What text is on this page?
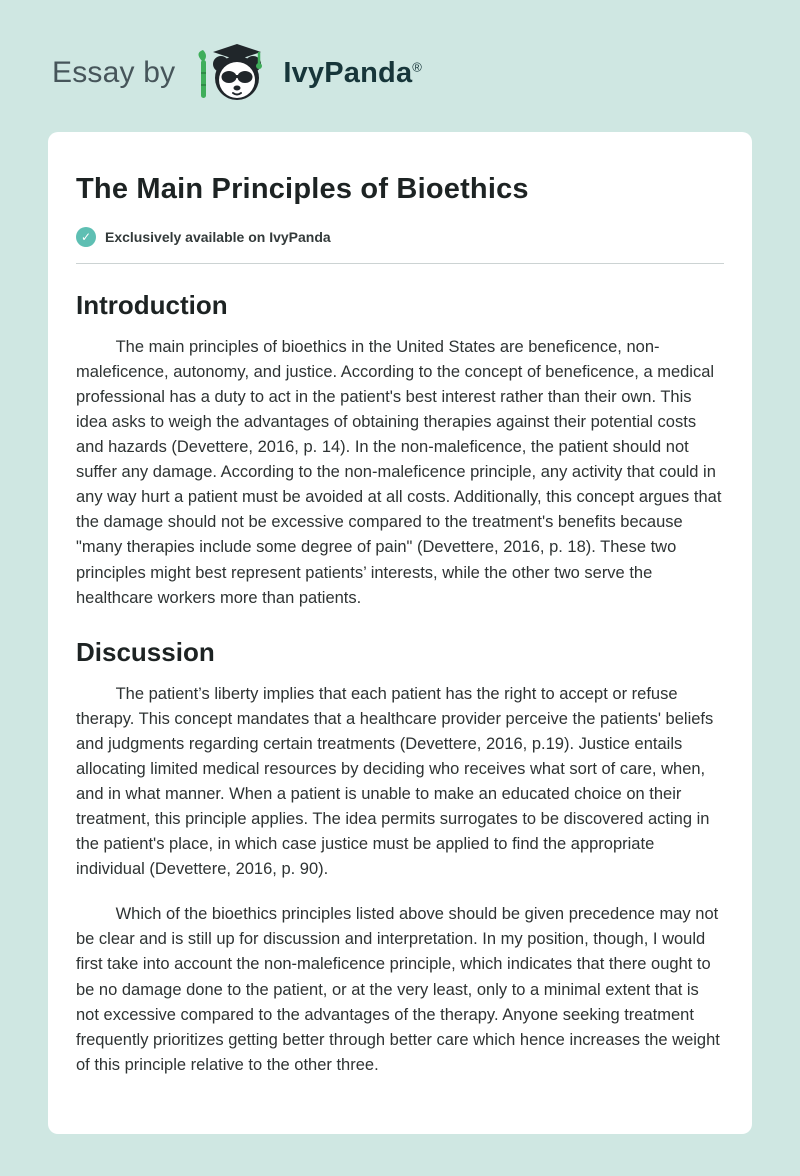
Essay by	IvyPanda®
The Main Principles of Bioethics
✓ Exclusively available on IvyPanda
Introduction

The main principles of bioethics in the United States are beneficence, non-maleficence, autonomy, and justice. According to the concept of beneficence, a medical professional has a duty to act in the patient's best interest rather than their own. This idea asks to weigh the advantages of obtaining therapies against their potential costs and hazards (Devettere, 2016, p. 14). In the non-maleficence, the patient should not suffer any damage. According to the non-maleficence principle, any activity that could in any way hurt a patient must be avoided at all costs. Additionally, this concept argues that the damage should not be excessive compared to the treatment's benefits because "many therapies include some degree of pain" (Devettere, 2016, p. 18). These two principles might best represent patients’ interests, while the other two serve the healthcare workers more than patients.

Discussion

The patient’s liberty implies that each patient has the right to accept or refuse therapy. This concept mandates that a healthcare provider perceive the patients' beliefs and judgments regarding certain treatments (Devettere, 2016, p.19). Justice entails allocating limited medical resources by deciding who receives what sort of care, when, and in what manner. When a patient is unable to make an educated choice on their treatment, this principle applies. The idea permits surrogates to be discovered acting in the patient's place, in which case justice must be applied to find the appropriate individual (Devettere, 2016, p. 90).

Which of the bioethics principles listed above should be given precedence may not be clear and is still up for discussion and interpretation. In my position, though, I would first take into account the non-maleficence principle, which indicates that there ought to be no damage done to the patient, or at the very least, only to a minimal extent that is not excessive compared to the advantages of the therapy. Anyone seeking treatment frequently prioritizes getting better through better care which hence increases the weight of this principle relative to the other three.
